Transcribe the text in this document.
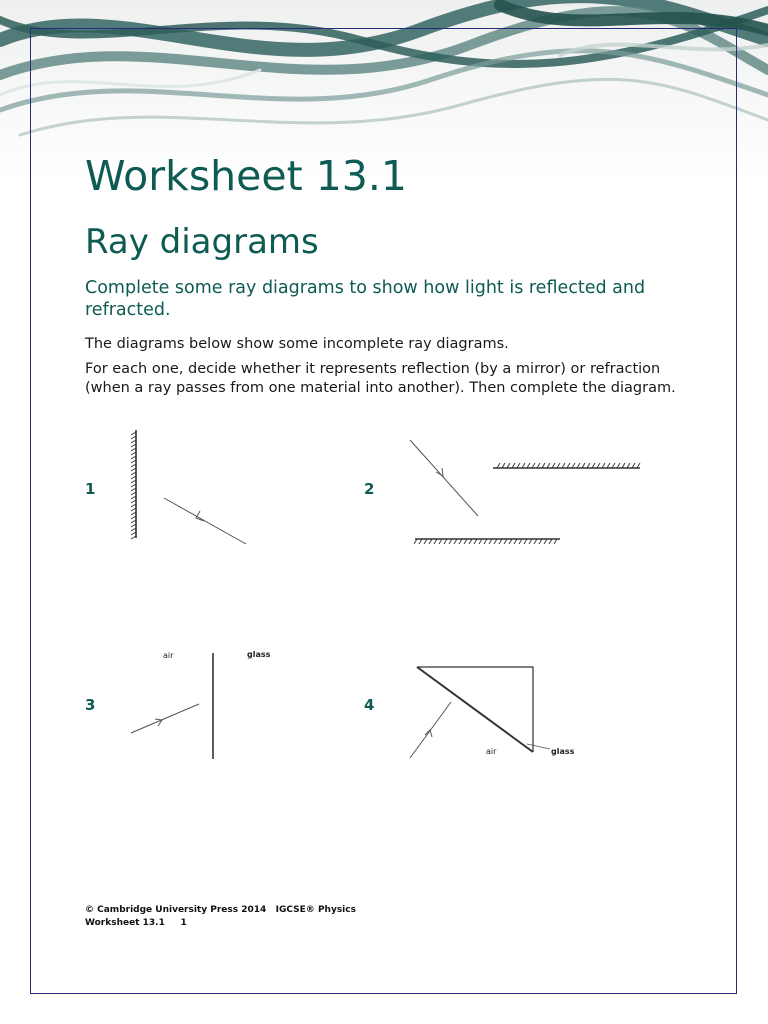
Worksheet 13.1
Ray diagrams

Complete some ray diagrams to show how light is reflected and refracted.

The diagrams below show some incomplete ray diagrams.

For each one, decide whether it represents reflection (by a mirror) or refraction (when a ray passes from one material into another). Then complete the diagram.

1	2
3	4
air	glass
air	glass
© Cambridge University Press 2014 IGCSE® Physics
Worksheet 13.1 1
